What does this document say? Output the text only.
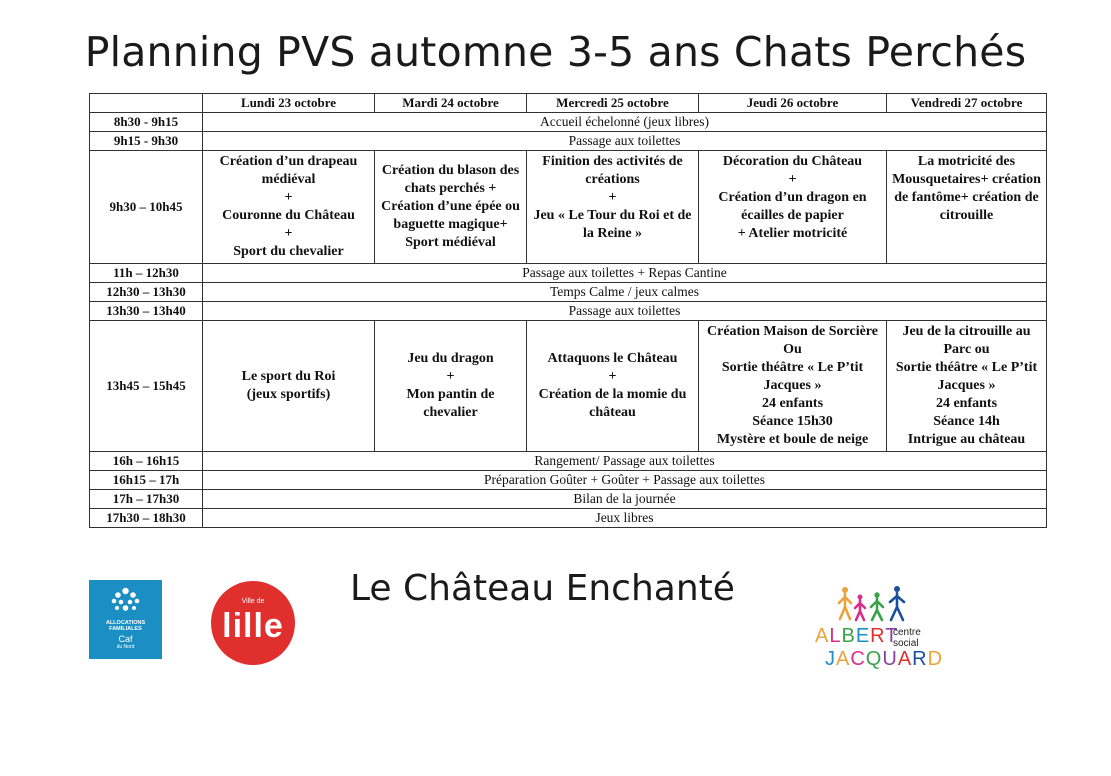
Planning PVS automne 3-5 ans Chats Perchés
	Lundi 23 octobre	Mardi 24 octobre	Mercredi 25 octobre	Jeudi 26 octobre	Vendredi 27 octobre
8h30 - 9h15	Accueil échelonné (jeux libres)				
9h15 - 9h30	Passage aux toilettes				
9h30 – 10h45	Création d’un drapeau médiéval
+
Couronne du Château
+
Sport du chevalier	Création du blason des chats perchés +
Création d’une épée ou baguette magique+
Sport médiéval	Finition des activités de créations
+
Jeu « Le Tour du Roi et de la Reine »	Décoration du Château
+
Création d’un dragon en écailles de papier
+ Atelier motricité	La motricité des Mousquetaires+ création de fantôme+ création de citrouille
11h – 12h30	Passage aux toilettes + Repas Cantine				
12h30 – 13h30	Temps Calme / jeux calmes				
13h30 – 13h40	Passage aux toilettes				
13h45 – 15h45	Le sport du Roi
(jeux sportifs)	Jeu du dragon
+
Mon pantin de chevalier	Attaquons le Château
+
Création de la momie du château	Création Maison de Sorcière Ou
Sortie théâtre « Le P’tit Jacques »
24 enfants
Séance 15h30
Mystère et boule de neige	Jeu de la citrouille au Parc ou
Sortie théâtre « Le P’tit Jacques »
24 enfants
Séance 14h
Intrigue au château
16h – 16h15	Rangement/ Passage aux toilettes				
16h15 – 17h	Préparation Goûter + Goûter + Passage aux toilettes				
17h – 17h30	Bilan de la journée				
17h30 – 18h30	Jeux libres				
ALLOCATIONS FAMILIALES
Caf
du Nord
Ville de
lille
Le Château Enchanté
ALBERT
centre
social
JACQUARD
